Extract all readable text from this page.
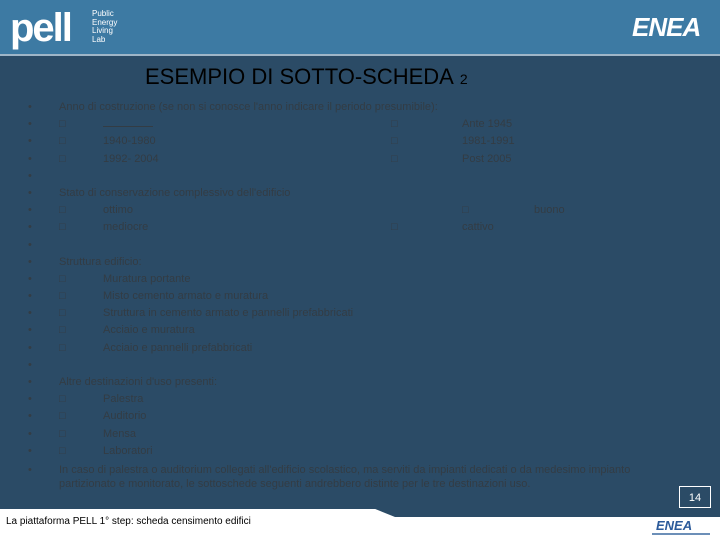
pell	Public
Energy
Living
Lab	ENEA
ESEMPIO DI SOTTO-SCHEDA 2
• Anno di costruzione (se non si conosce l'anno indicare il periodo presumibile):
• □	□	Ante 1945
• □	1940-1980	□	1981-1991
• □	1992- 2004	□	Post 2005
•
• Stato di conservazione complessivo dell'edificio
• □	ottimo	□	buono
• □	mediocre	□	cattivo
•
• Struttura edificio:
• □	Muratura portante
• □	Misto cemento armato e muratura
• □	Struttura in cemento armato e pannelli prefabbricati
• □	Acciaio e muratura
• □	Acciaio e pannelli prefabbricati
•
• Altre destinazioni d'uso presenti:
• □	Palestra
• □	Auditorio
• □	Mensa
• □	Laboratori
• In caso di palestra o auditorium collegati all'edificio scolastico, ma serviti da impianti dedicati o da medesimo impianto partizionato e monitorato, le sottoschede seguenti andrebbero distinte per le tre destinazioni uso.
14
La piattaforma PELL 1° step: scheda censimento edifici	ENEA
